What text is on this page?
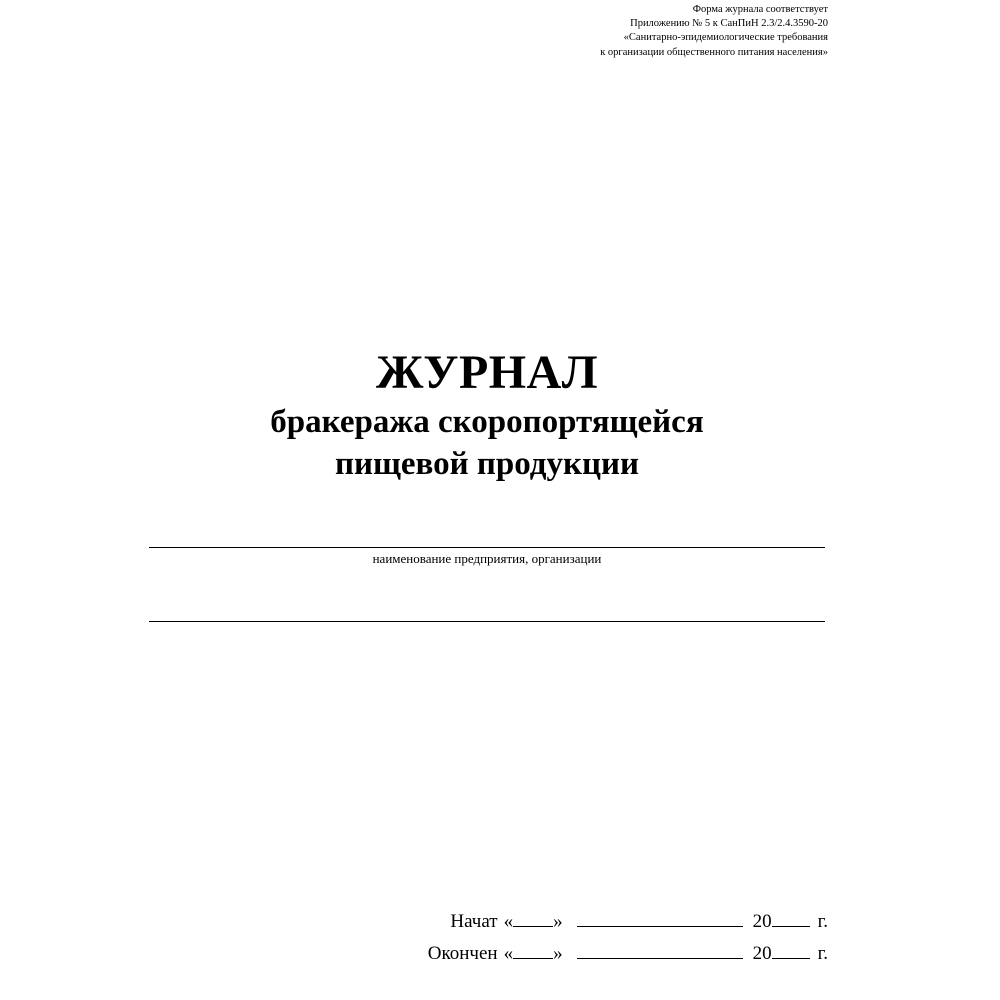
Форма журнала соответствует
Приложению № 5 к СанПиН 2.3/2.4.3590-20
«Санитарно-эпидемиологические требования
к организации общественного питания населения»
ЖУРНАЛ
бракеража скоропортящейся
пищевой продукции
наименование предприятия, организации
Начат « »	20 г.
Окончен « »	20 г.
